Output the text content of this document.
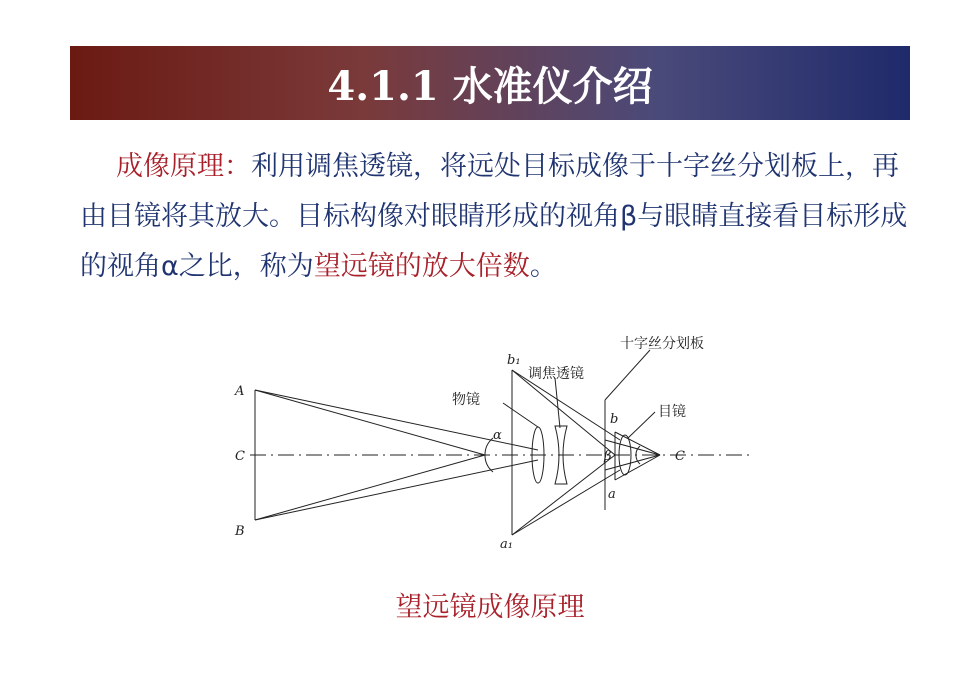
4.1.1 水准仪介绍
成像原理：利用调焦透镜，将远处目标成像于十字丝分划板上，再由目镜将其放大。目标构像对眼睛形成的视角β与眼睛直接看目标形成的视角α之比，称为望远镜的放大倍数。
A
C
B
b₁
a₁
α
b
a
β	C
十字丝分划板
调焦透镜
物镜
目镜
望远镜成像原理
